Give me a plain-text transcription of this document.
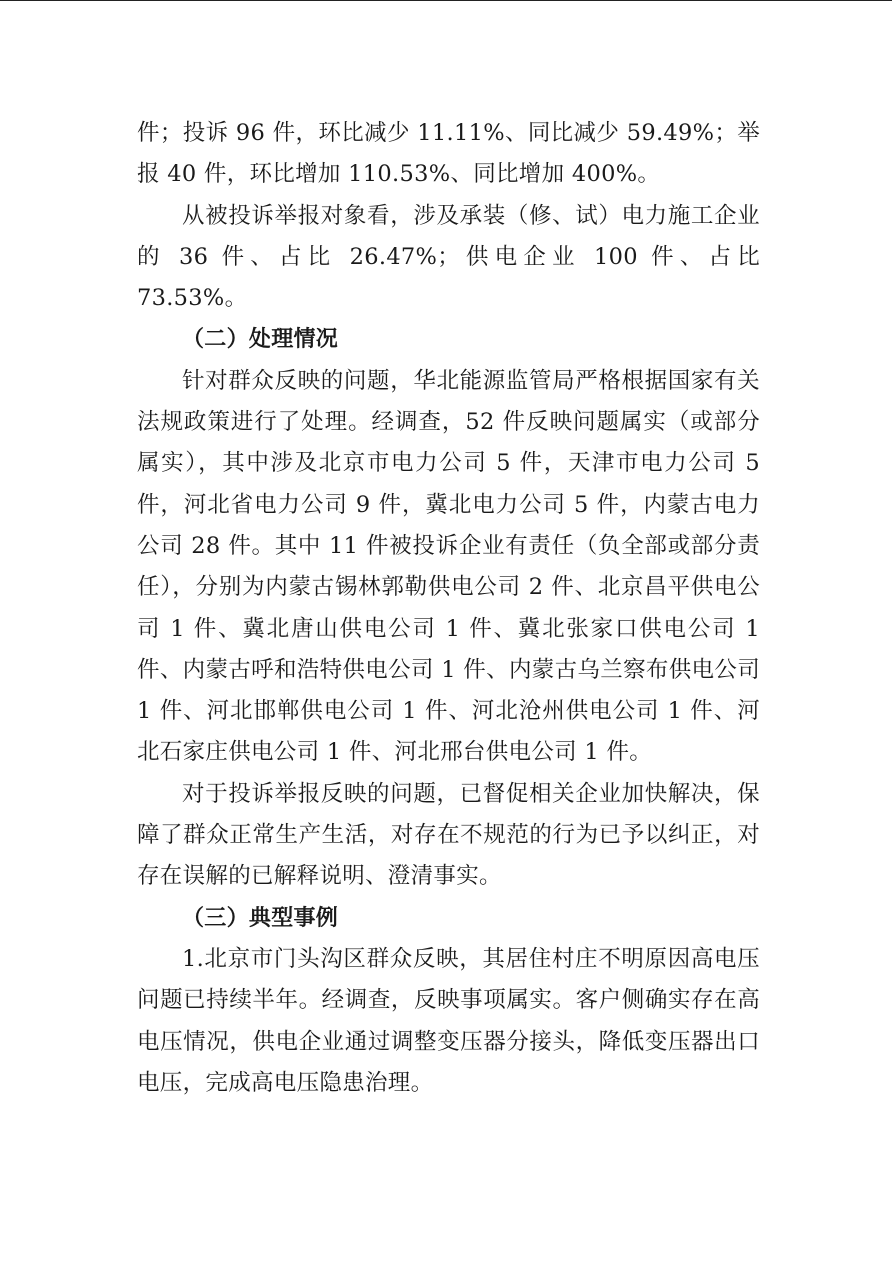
件；投诉 96 件，环比减少 11.11%、同比减少 59.49%；举报 40 件，环比增加 110.53%、同比增加 400%。

从被投诉举报对象看，涉及承装（修、试）电力施工企业的 36 件、占比 26.47%；供电企业 100 件、占比 73.53%。

（二）处理情况

针对群众反映的问题，华北能源监管局严格根据国家有关法规政策进行了处理。经调查，52 件反映问题属实（或部分属实），其中涉及北京市电力公司 5 件，天津市电力公司 5 件，河北省电力公司 9 件，冀北电力公司 5 件，内蒙古电力公司 28 件。其中 11 件被投诉企业有责任（负全部或部分责任），分别为内蒙古锡林郭勒供电公司 2 件、北京昌平供电公司 1 件、冀北唐山供电公司 1 件、冀北张家口供电公司 1 件、内蒙古呼和浩特供电公司 1 件、内蒙古乌兰察布供电公司 1 件、河北邯郸供电公司 1 件、河北沧州供电公司 1 件、河北石家庄供电公司 1 件、河北邢台供电公司 1 件。

对于投诉举报反映的问题，已督促相关企业加快解决，保障了群众正常生产生活，对存在不规范的行为已予以纠正，对存在误解的已解释说明、澄清事实。

（三）典型事例

1.北京市门头沟区群众反映，其居住村庄不明原因高电压问题已持续半年。经调查，反映事项属实。客户侧确实存在高电压情况，供电企业通过调整变压器分接头，降低变压器出口电压，完成高电压隐患治理。
